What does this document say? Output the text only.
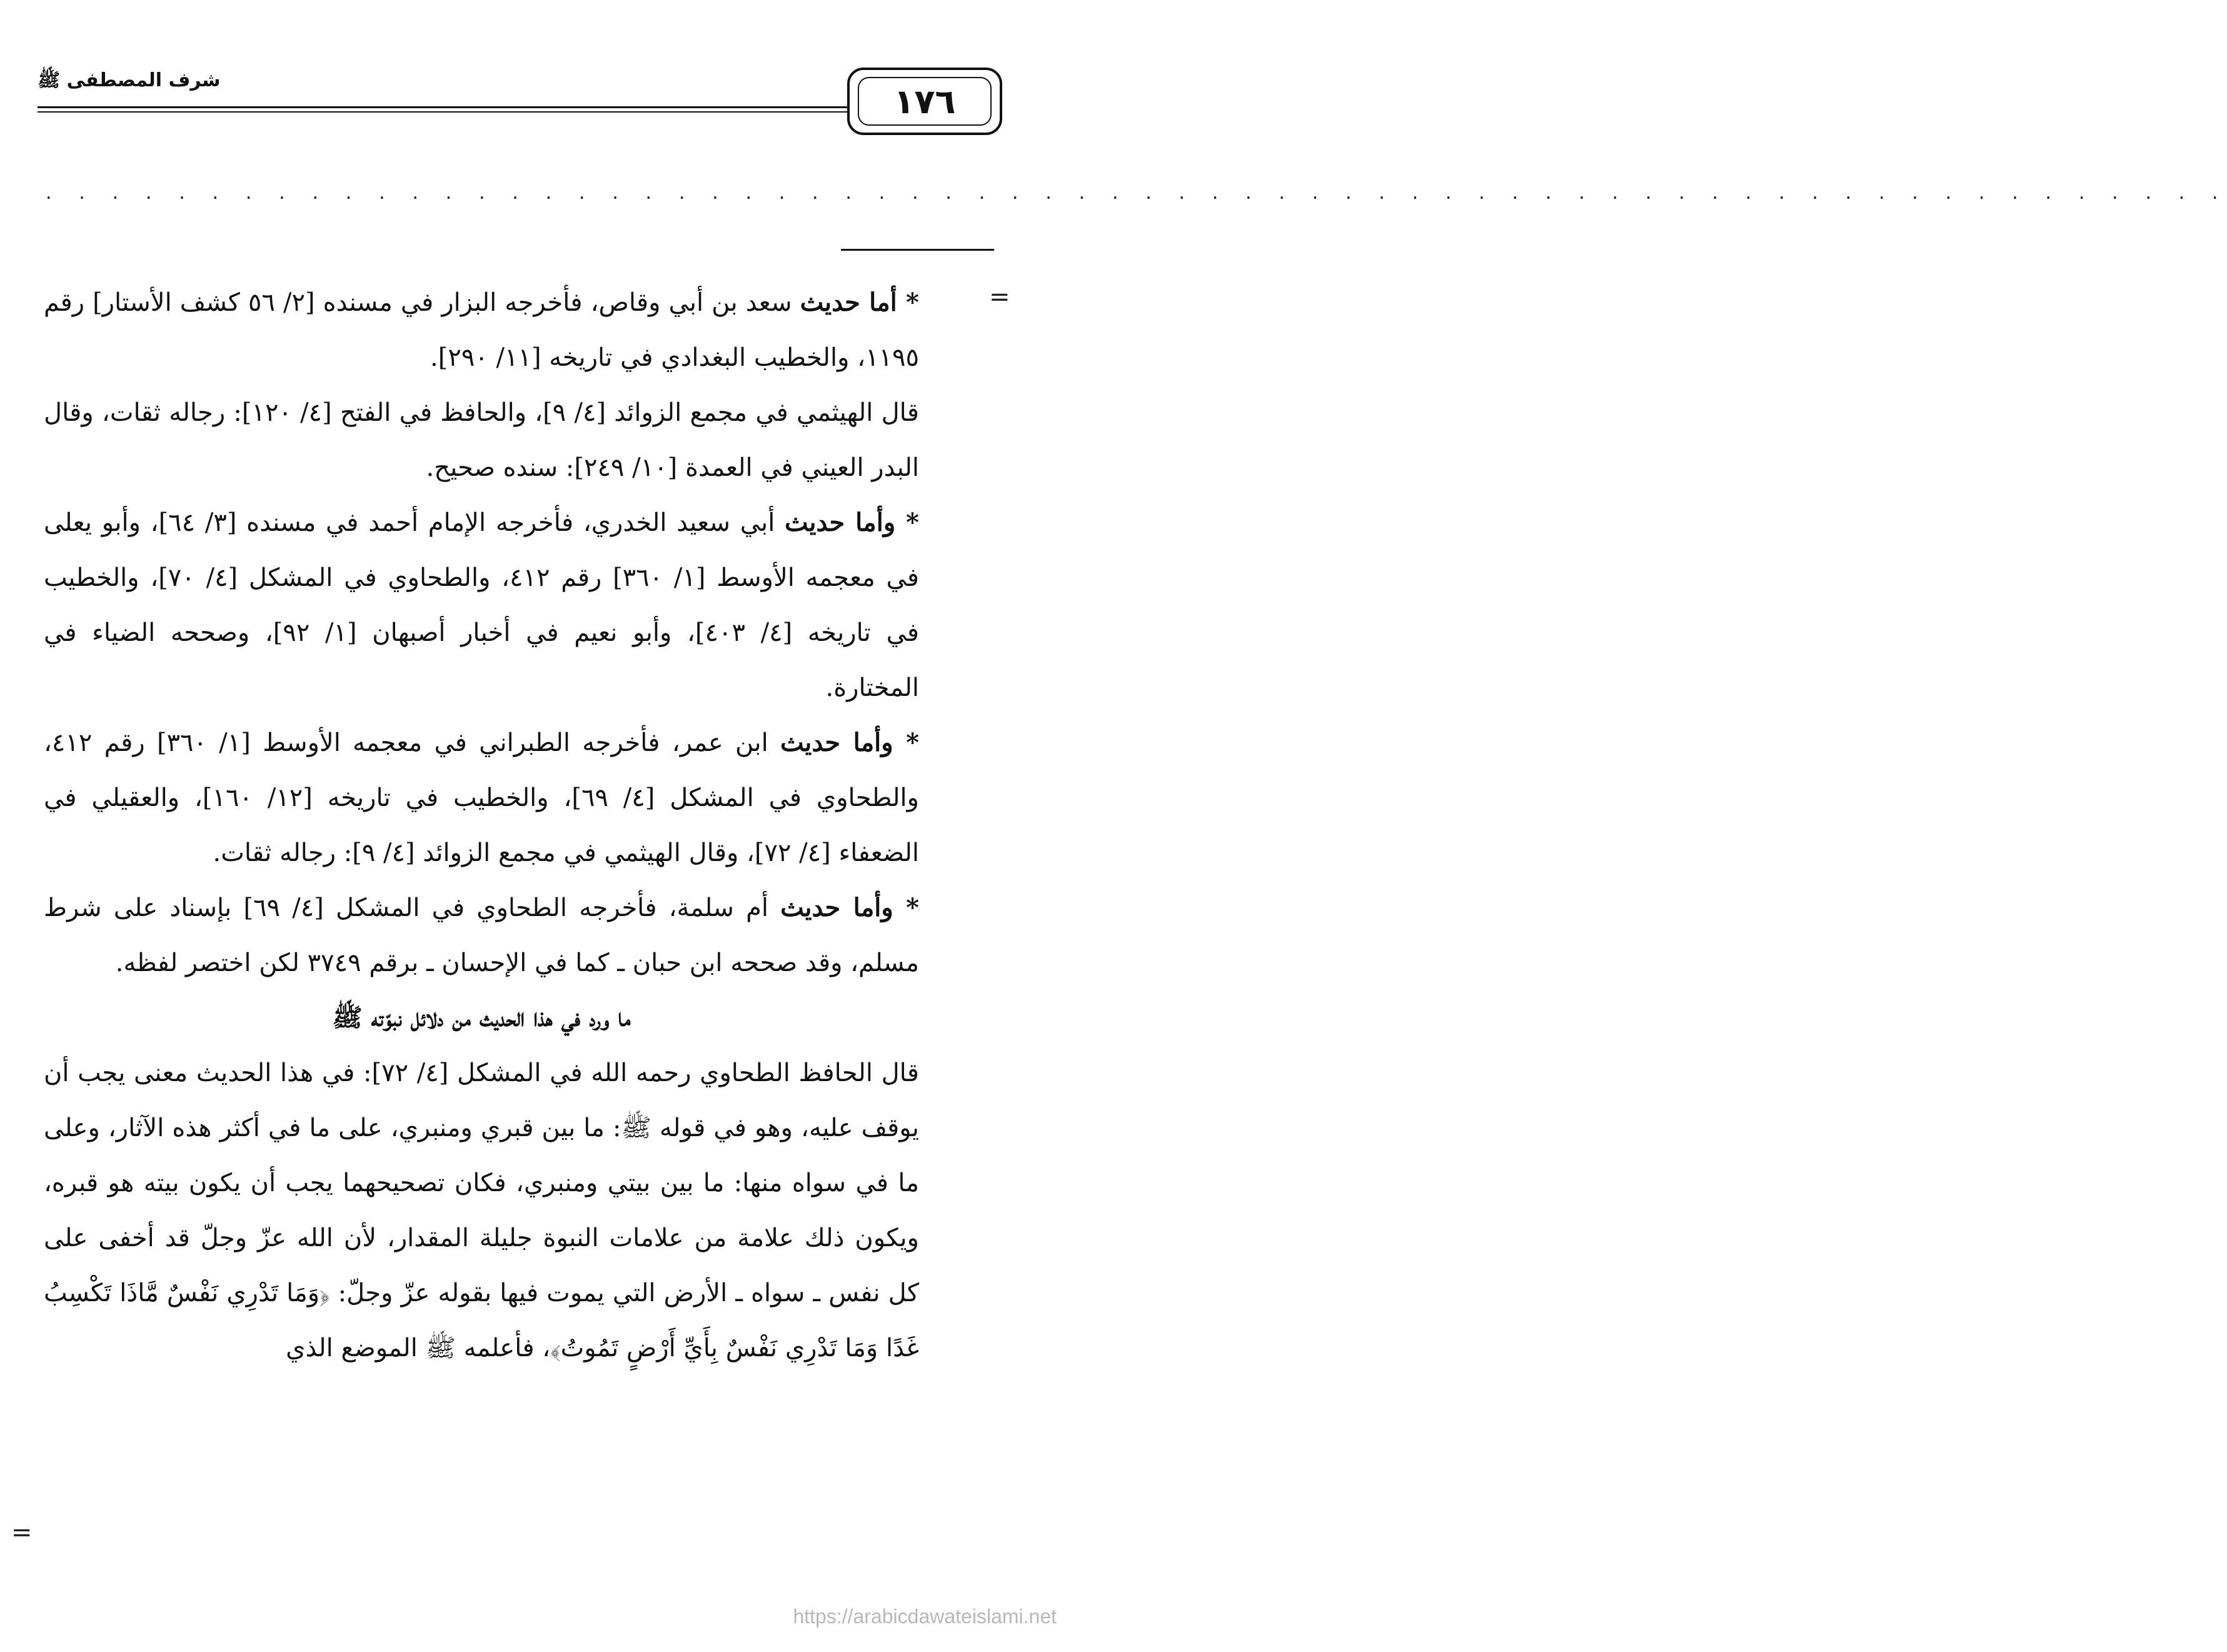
شرف المصطفى ﷺ
١٧٦
. . . . . . . . . . . . . . . . . . . . . . . . . . . . . . . . . . . . . . . . . . . . . . . . . . . . . . . . . . . . . . . . . .
=

* أما حديث سعد بن أبي وقاص، فأخرجه البزار في مسنده [٢/ ٥٦ كشف الأستار] رقم ١١٩٥، والخطيب البغدادي في تاريخه [١١/ ٢٩٠].

قال الهيثمي في مجمع الزوائد [٤/ ٩]، والحافظ في الفتح [٤/ ١٢٠]: رجاله ثقات، وقال البدر العيني في العمدة [١٠/ ٢٤٩]: سنده صحيح.

* وأما حديث أبي سعيد الخدري، فأخرجه الإمام أحمد في مسنده [٣/ ٦٤]، وأبو يعلى في معجمه الأوسط [١/ ٣٦٠] رقم ٤١٢، والطحاوي في المشكل [٤/ ٧٠]، والخطيب في تاريخه [٤/ ٤٠٣]، وأبو نعيم في أخبار أصبهان [١/ ٩٢]، وصححه الضياء في المختارة.

* وأما حديث ابن عمر، فأخرجه الطبراني في معجمه الأوسط [١/ ٣٦٠] رقم ٤١٢، والطحاوي في المشكل [٤/ ٦٩]، والخطيب في تاريخه [١٢/ ١٦٠]، والعقيلي في الضعفاء [٤/ ٧٢]، وقال الهيثمي في مجمع الزوائد [٤/ ٩]: رجاله ثقات.

* وأما حديث أم سلمة، فأخرجه الطحاوي في المشكل [٤/ ٦٩] بإسناد على شرط مسلم، وقد صححه ابن حبان ـ كما في الإحسان ـ برقم ٣٧٤٩ لكن اختصر لفظه.

ما ورد في هذا الحديث من دلائل نبوّته ﷺ

قال الحافظ الطحاوي رحمه الله في المشكل [٤/ ٧٢]: في هذا الحديث معنى يجب أن يوقف عليه، وهو في قوله ﷺ: ما بين قبري ومنبري، على ما في أكثر هذه الآثار، وعلى ما في سواه منها: ما بين بيتي ومنبري، فكان تصحيحهما يجب أن يكون بيته هو قبره، ويكون ذلك علامة من علامات النبوة جليلة المقدار، لأن الله عزّ وجلّ قد أخفى على كل نفس ـ سواه ـ الأرض التي يموت فيها بقوله عزّ وجلّ: ﴿وَمَا تَدْرِي نَفْسٌ مَّاذَا تَكْسِبُ غَدًا وَمَا تَدْرِي نَفْسٌ بِأَيِّ أَرْضٍ تَمُوتُ﴾، فأعلمه ﷺ الموضع الذي

=
https://arabicdawateislami.net
